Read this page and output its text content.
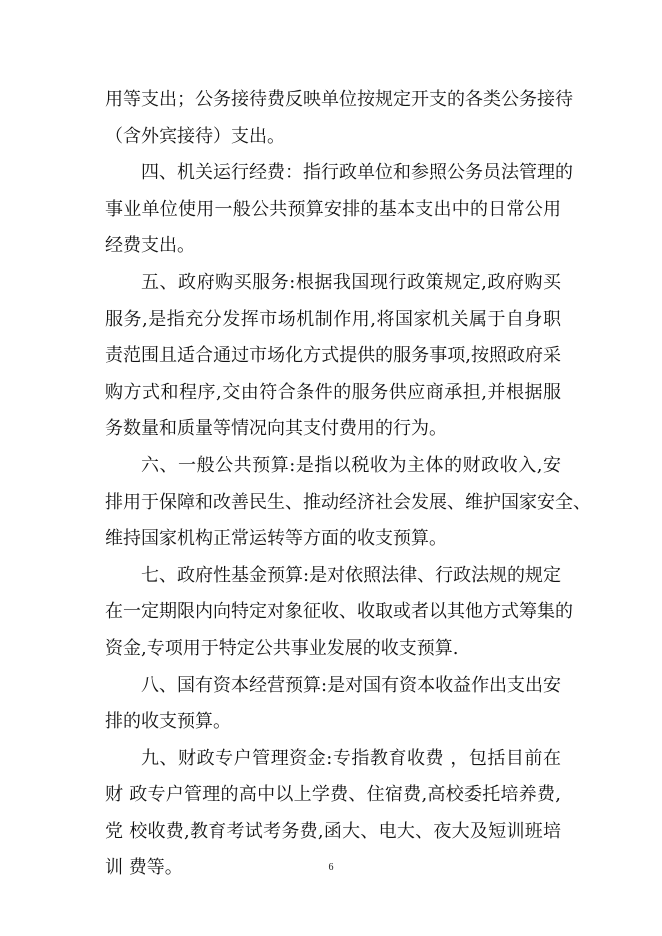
用等支出；公务接待费反映单位按规定开支的各类公务接待
（含外宾接待）支出。
四、机关运行经费：指行政单位和参照公务员法管理的
事业单位使用一般公共预算安排的基本支出中的日常公用
经费支出。
五、政府购买服务:根据我国现行政策规定,政府购买
服务,是指充分发挥市场机制作用,将国家机关属于自身职
责范围且适合通过市场化方式提供的服务事项,按照政府采
购方式和程序,交由符合条件的服务供应商承担,并根据服
务数量和质量等情况向其支付费用的行为。
六、一般公共预算:是指以税收为主体的财政收入,安
排用于保障和改善民生、推动经济社会发展、维护国家安全、
维持国家机构正常运转等方面的收支预算。
七、政府性基金预算:是对依照法律、行政法规的规定
在一定期限内向特定对象征收、收取或者以其他方式筹集的
资金,专项用于特定公共事业发展的收支预算.
八、国有资本经营预算:是对国有资本收益作出支出安
排的收支预算。
九、财政专户管理资金:专指教育收费 ，包括目前在
财 政专户管理的高中以上学费、住宿费,高校委托培养费,
党 校收费,教育考试考务费,函大、电大、夜大及短训班培
训 费等。	6
